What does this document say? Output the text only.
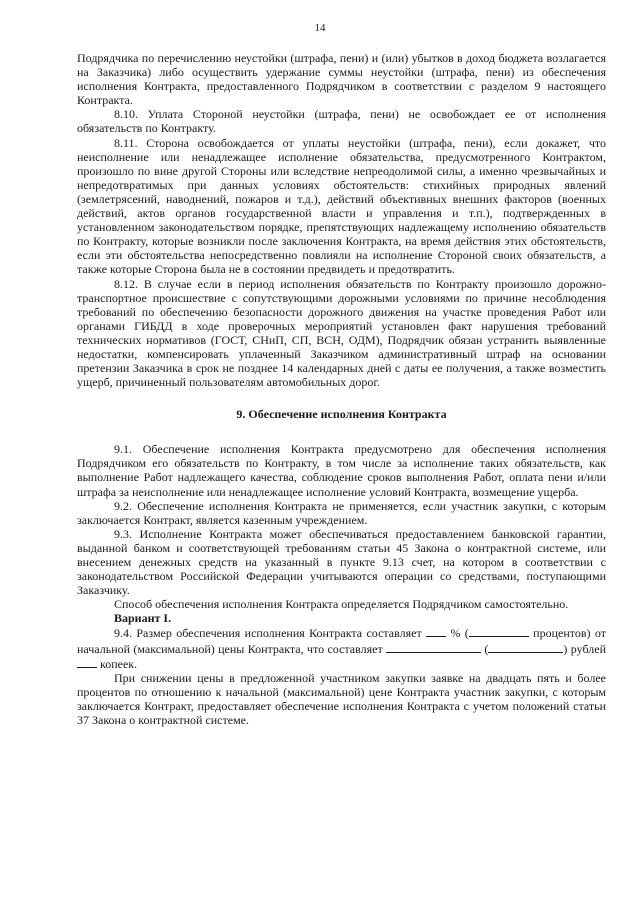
14

Подрядчика по перечислению неустойки (штрафа, пени) и (или) убытков в доход бюджета возлагается на Заказчика) либо осуществить удержание суммы неустойки (штрафа, пени) из обеспечения исполнения Контракта, предоставленного Подрядчиком в соответствии с разделом 9 настоящего Контракта.

8.10. Уплата Стороной неустойки (штрафа, пени) не освобождает ее от исполнения обязательств по Контракту.

8.11. Сторона освобождается от уплаты неустойки (штрафа, пени), если докажет, что неисполнение или ненадлежащее исполнение обязательства, предусмотренного Контрактом, произошло по вине другой Стороны или вследствие непреодолимой силы, а именно чрезвычайных и непредотвратимых при данных условиях обстоятельств: стихийных природных явлений (землетрясений, наводнений, пожаров и т.д.), действий объективных внешних факторов (военных действий, актов органов государственной власти и управления и т.п.), подтвержденных в установленном законодательством порядке, препятствующих надлежащему исполнению обязательств по Контракту, которые возникли после заключения Контракта, на время действия этих обстоятельств, если эти обстоятельства непосредственно повлияли на исполнение Стороной своих обязательств, а также которые Сторона была не в состоянии предвидеть и предотвратить.

8.12. В случае если в период исполнения обязательств по Контракту произошло дорожно-транспортное происшествие с сопутствующими дорожными условиями по причине несоблюдения требований по обеспечению безопасности дорожного движения на участке проведения Работ или органами ГИБДД в ходе проверочных мероприятий установлен факт нарушения требований технических нормативов (ГОСТ, СНиП, СП, ВСН, ОДМ), Подрядчик обязан устранить выявленные недостатки, компенсировать уплаченный Заказчиком административный штраф на основании претензии Заказчика в срок не позднее 14 календарных дней с даты ее получения, а также возместить ущерб, причиненный пользователям автомобильных дорог.

9. Обеспечение исполнения Контракта

9.1. Обеспечение исполнения Контракта предусмотрено для обеспечения исполнения Подрядчиком его обязательств по Контракту, в том числе за исполнение таких обязательств, как выполнение Работ надлежащего качества, соблюдение сроков выполнения Работ, оплата пени и/или штрафа за неисполнение или ненадлежащее исполнение условий Контракта, возмещение ущерба.

9.2. Обеспечение исполнения Контракта не применяется, если участник закупки, с которым заключается Контракт, является казенным учреждением.

9.3. Исполнение Контракта может обеспечиваться предоставлением банковской гарантии, выданной банком и соответствующей требованиям статьи 45 Закона о контрактной системе, или внесением денежных средств на указанный в пункте 9.13 счет, на котором в соответствии с законодательством Российской Федерации учитываются операции со средствами, поступающими Заказчику.

Способ обеспечения исполнения Контракта определяется Подрядчиком самостоятельно.

Вариант I.

9.4. Размер обеспечения исполнения Контракта составляет  % (	процентов) от начальной (максимальной) цены Контракта, что составляет	(	) рублей  копеек.

При снижении цены в предложенной участником закупки заявке на двадцать пять и более процентов по отношению к начальной (максимальной) цене Контракта участник закупки, с которым заключается Контракт, предоставляет обеспечение исполнения Контракта с учетом положений статьи 37 Закона о контрактной системе.
